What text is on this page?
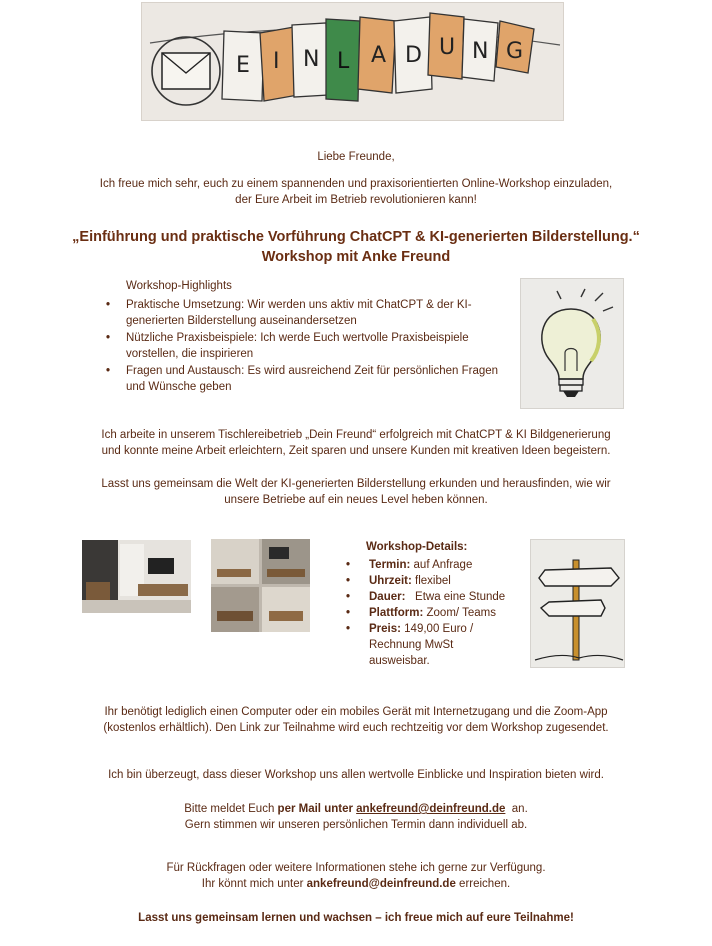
E I N L A D U N G
Liebe Freunde,
Ich freue mich sehr, euch zu einem spannenden und praxisorientierten Online-Workshop einzuladen,
der Eure Arbeit im Betrieb revolutionieren kann!
„Einführung und praktische Vorführung ChatCPT & KI-generierten Bilderstellung.“
Workshop mit Anke Freund
Workshop-Highlights
• Praktische Umsetzung: Wir werden uns aktiv mit ChatCPT & der KI-generierten Bilderstellung auseinandersetzen
• Nützliche Praxisbeispiele: Ich werde Euch wertvolle Praxisbeispiele vorstellen, die inspirieren
• Fragen und Austausch: Es wird ausreichend Zeit für persönlichen Fragen und Wünsche geben
Ich arbeite in unserem Tischlereibetrieb „Dein Freund“ erfolgreich mit ChatCPT & KI Bildgenerierung
und konnte meine Arbeit erleichtern, Zeit sparen und unsere Kunden mit kreativen Ideen begeistern.
Lasst uns gemeinsam die Welt der KI-generierten Bilderstellung erkunden und herausfinden, wie wir
unsere Betriebe auf ein neues Level heben können.
Workshop-Details:
• Termin: auf Anfrage
• Uhrzeit: flexibel
• Dauer:   Etwa eine Stunde
• Plattform: Zoom/ Teams
• Preis: 149,00 Euro / Rechnung MwSt ausweisbar.
Ihr benötigt lediglich einen Computer oder ein mobiles Gerät mit Internetzugang und die Zoom-App
(kostenlos erhältlich). Den Link zur Teilnahme wird euch rechtzeitig vor dem Workshop zugesendet.
Ich bin überzeugt, dass dieser Workshop uns allen wertvolle Einblicke und Inspiration bieten wird.
Bitte meldet Euch per Mail unter ankefreund@deinfreund.de  an.
Gern stimmen wir unseren persönlichen Termin dann individuell ab.
Für Rückfragen oder weitere Informationen stehe ich gerne zur Verfügung.
Ihr könnt mich unter ankefreund@deinfreund.de erreichen.
Lasst uns gemeinsam lernen und wachsen – ich freue mich auf eure Teilnahme!
